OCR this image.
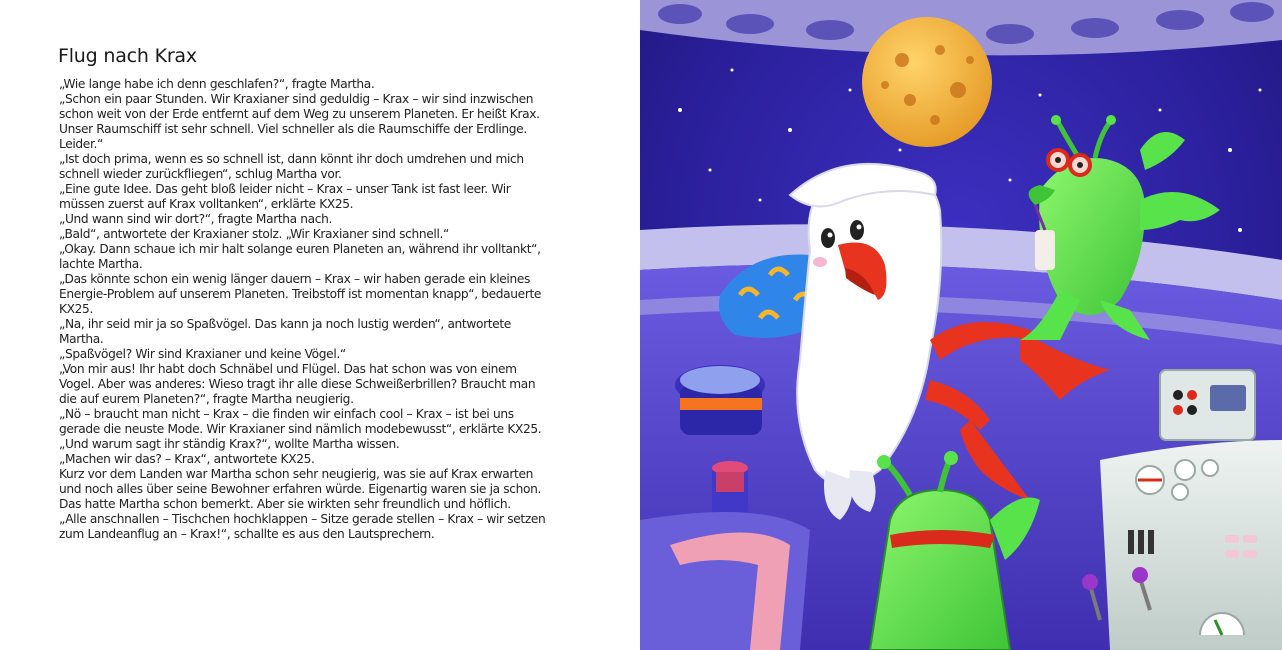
Flug nach Krax

„Wie lange habe ich denn geschlafen?“, fragte Martha.

„Schon ein paar Stunden. Wir Kraxianer sind geduldig – Krax – wir sind inzwischen schon weit von der Erde entfernt auf dem Weg zu unserem Planeten. Er heißt Krax. Unser Raumschiff ist sehr schnell. Viel schneller als die Raumschiffe der Erdlinge. Leider.“

„Ist doch prima, wenn es so schnell ist, dann könnt ihr doch umdrehen und mich schnell wieder zurückfliegen“, schlug Martha vor.

„Eine gute Idee. Das geht bloß leider nicht – Krax – unser Tank ist fast leer. Wir müssen zuerst auf Krax volltanken“, erklärte KX25.

„Und wann sind wir dort?“, fragte Martha nach.

„Bald“, antwortete der Kraxianer stolz. „Wir Kraxianer sind schnell.“

„Okay. Dann schaue ich mir halt solange euren Planeten an, während ihr volltankt“, lachte Martha.

„Das könnte schon ein wenig länger dauern – Krax – wir haben gerade ein kleines Energie-Problem auf unserem Planeten. Treibstoff ist momentan knapp“, bedauerte KX25.

„Na, ihr seid mir ja so Spaßvögel. Das kann ja noch lustig werden“, antwortete Martha.

„Spaßvögel? Wir sind Kraxianer und keine Vögel.“

„Von mir aus! Ihr habt doch Schnäbel und Flügel. Das hat schon was von einem Vogel. Aber was anderes: Wieso tragt ihr alle diese Schweißerbrillen? Braucht man die auf eurem Planeten?“, fragte Martha neugierig.

„Nö – braucht man nicht – Krax – die finden wir einfach cool – Krax – ist bei uns gerade die neuste Mode. Wir Kraxianer sind nämlich modebewusst“, erklärte KX25.

„Und warum sagt ihr ständig Krax?“, wollte Martha wissen.

„Machen wir das? – Krax“, antwortete KX25.

Kurz vor dem Landen war Martha schon sehr neugierig, was sie auf Krax erwarten und noch alles über seine Bewohner erfahren würde. Eigenartig waren sie ja schon. Das hatte Martha schon bemerkt. Aber sie wirkten sehr freundlich und höflich.

„Alle anschnallen – Tischchen hochklappen – Sitze gerade stellen – Krax – wir setzen zum Landeanflug an – Krax!“, schallte es aus den Lautsprechern.
